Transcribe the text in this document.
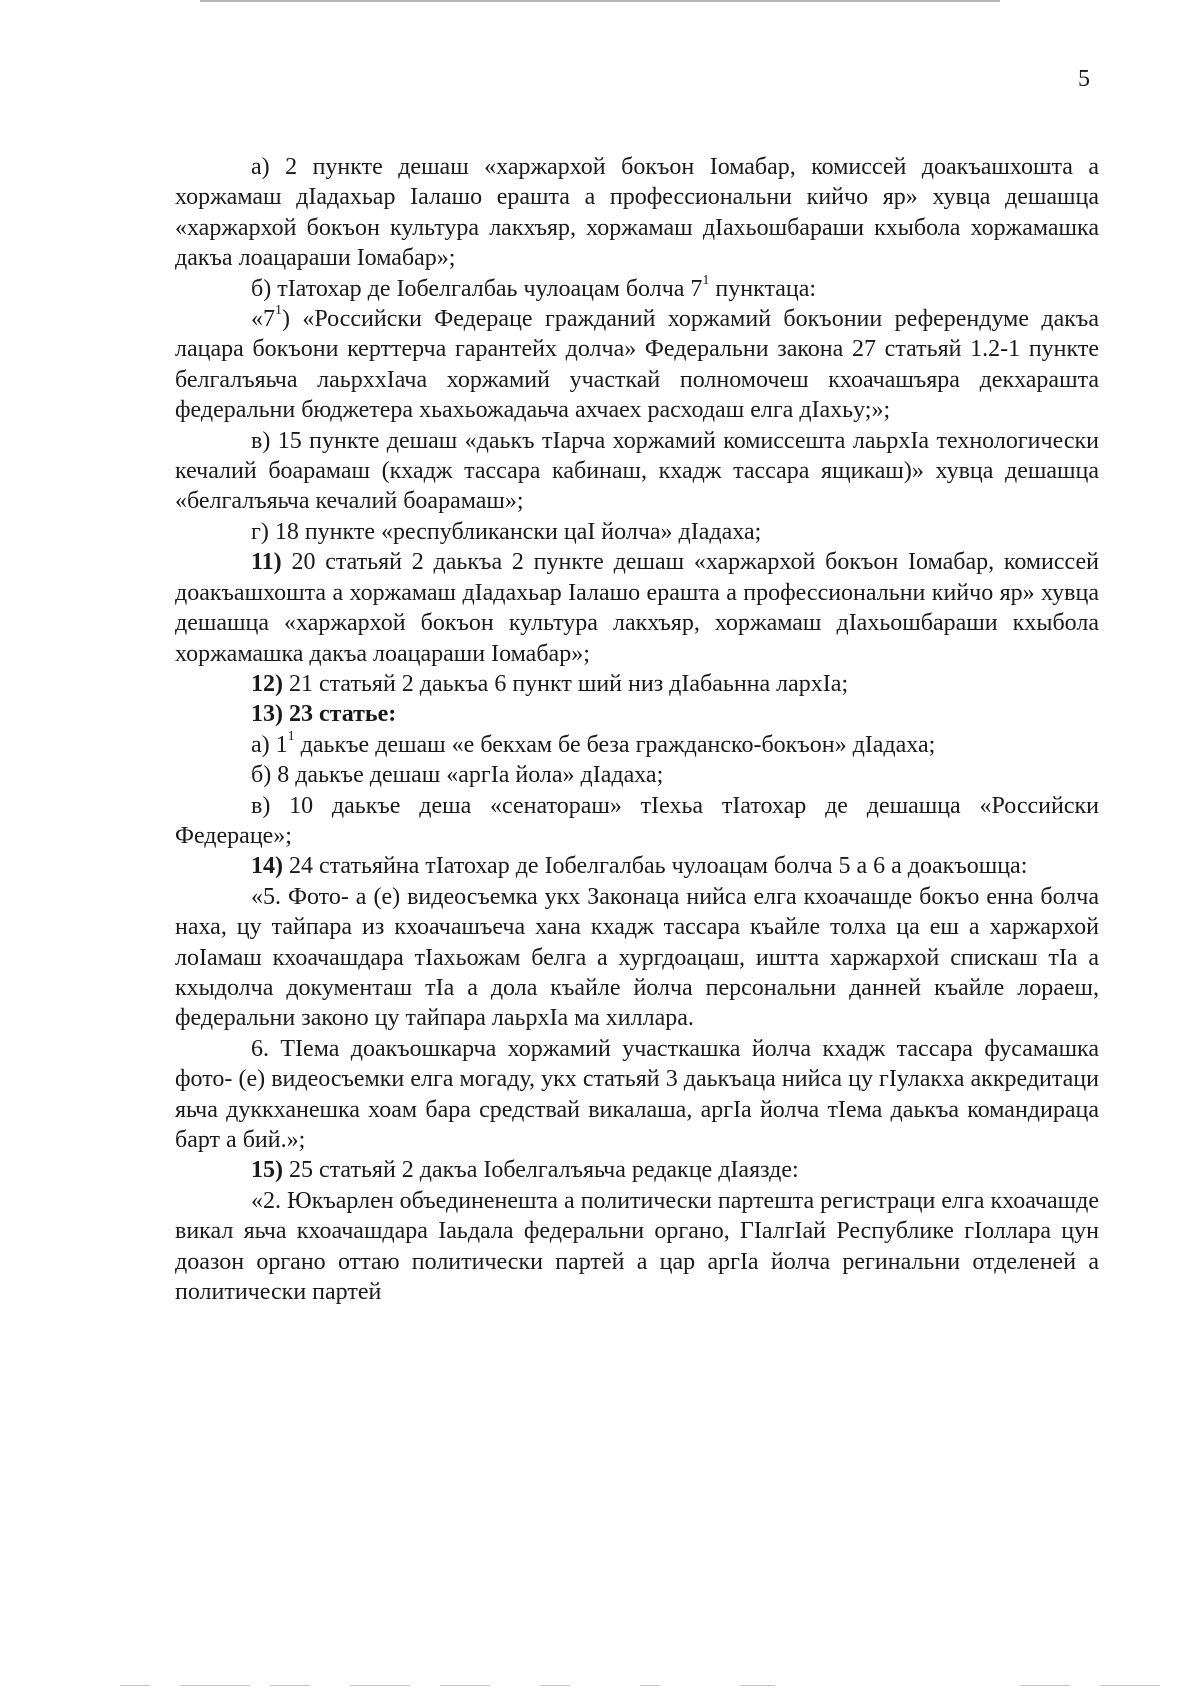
5

а) 2 пункте дешаш «харжархой бокъон Іомабар, комиссей доакъашхошта а хоржамаш дІадахьар Іалашо ерашта а профессиональни кийчо яр» хувца дешашца «харжархой бокъон культура лакхъяр, хоржамаш дІахьошбараши кхыбола хоржамашка дакъа лоацараши Іомабар»;

б) тІатохар де Іобелгалбаь чулоацам болча $7^1$ пунктаца:

«$7^1$) «Российски Федераце гражданий хоржамий бокъонии референдуме дакъа лацара бокъони керттерча гарантейх долча» Федеральни закона 27 статьяй 1.2-1 пункте белгалъяьча лаьрххІача хоржамий участкай полномочеш кхоачашъяра декхарашта федеральни бюджетера хьахьожадаьча ахчаех расходаш елга дІахьу;»;

в) 15 пункте дешаш «даькъ тІарча хоржамий комиссешта лаьрхІа технологически кечалий боарамаш (кхадж тассара кабинаш, кхадж тассара ящикаш)» хувца дешашца «белгалъяьча кечалий боарамаш»;

г) 18 пункте «республикански цаІ йолча» дІадаха;

11) 20 статьяй 2 даькъа 2 пункте дешаш «харжархой бокъон Іомабар, комиссей доакъашхошта а хоржамаш дІадахьар Іалашо ерашта а профессиональни кийчо яр» хувца дешашца «харжархой бокъон культура лакхъяр, хоржамаш дІахьошбараши кхыбола хоржамашка дакъа лоацараши Іомабар»;

12) 21 статьяй 2 даькъа 6 пункт ший низ дІабаьнна лархІа;

13) 23 статье:

а) $1^1$ даькъе дешаш «е бекхам бе беза гражданско-бокъон» дІадаха;

б) 8 даькъе дешаш «аргІа йола» дІадаха;

в) 10 даькъе деша «сенатораш» тІехьа тІатохар де дешашца «Российски Федераце»;

14) 24 статьяйна тІатохар де Іобелгалбаь чулоацам болча 5 а 6 а доакъошца:

«5. Фото- а (е) видеосъемка укх Законаца нийса елга кхоачашде бокъо енна болча наха, цу тайпара из кхоачашъеча хана кхадж тассара къайле толха ца еш а харжархой лоІамаш кхоачашдара тІахьожам белга а хургдоацаш, иштта харжархой спискаш тІа а кхыдолча документаш тІа а дола къайле йолча персональни данней къайле лораеш, федеральни законо цу тайпара лаьрхІа ма хиллара.

6. ТІема доакъошкарча хоржамий участкашка йолча кхадж тассара фусамашка фото- (е) видеосъемки елга могаду, укх статьяй 3 даькъаца нийса цу гІулакха аккредитаци яьча дуккханешка хоам бара средствай викалаша, аргІа йолча тІема даькъа командираца барт а бий.»;

15) 25 статьяй 2 дакъа Іобелгалъяьча редакце дІаязде:

«2. Юкъарлен объединенешта а политически партешта регистраци елга кхоачашде викал яьча кхоачашдара Іаьдала федеральни органо, ГІалгІай Республике гІоллара цун доазон органо оттаю политически партей а цар аргІа йолча регинальни отделеней а политически партей
